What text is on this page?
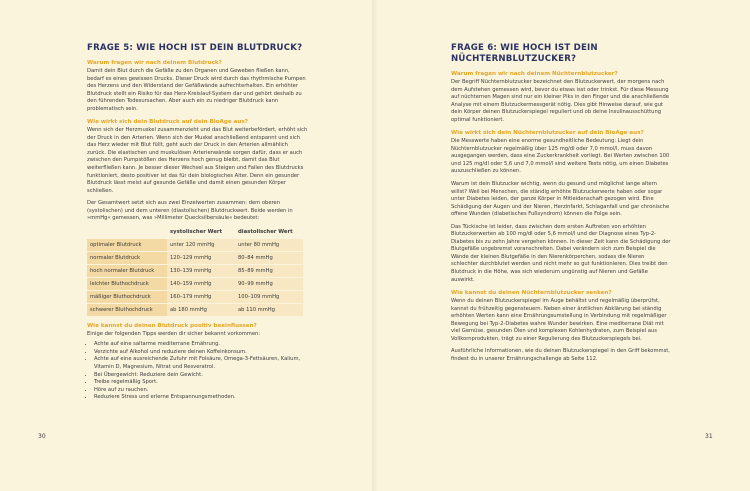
FRAGE 5: WIE HOCH IST DEIN BLUTDRUCK?
Warum fragen wir nach deinem Blutdruck?

Damit dein Blut durch die Gefäße zu den Organen und Geweben fließen kann, bedarf es eines gewissen Drucks. Dieser Druck wird durch das rhythmische Pumpen des Herzens und den Widerstand der Gefäßwände aufrechterhalten. Ein erhöhter Blutdruck stellt ein Risiko für das Herz-Kreislauf-System dar und gehört deshalb zu den führenden Todesursachen. Aber auch ein zu niedriger Blutdruck kann problematisch sein.

Wie wirkt sich dein Blutdruck auf dein BioAge aus?

Wenn sich der Herzmuskel zusammenzieht und das Blut weiterbefördert, erhöht sich der Druck in den Arterien. Wenn sich der Muskel anschließend entspannt und sich das Herz wieder mit Blut füllt, geht auch der Druck in den Arterien allmählich zurück. Die elastischen und muskulösen Arterienwände sorgen dafür, dass er auch zwischen den Pumpstößen des Herzens hoch genug bleibt, damit das Blut weiterfließen kann. Je besser dieser Wechsel aus Steigen und Fallen des Blutdrucks funktioniert, desto positiver ist das für dein biologisches Alter. Denn ein gesunder Blutdruck lässt meist auf gesunde Gefäße und damit einen gesunden Körper schließen.

Der Gesamtwert setzt sich aus zwei Einzelwerten zusammen: dem oberen (systolischen) und dem unteren (diastolischen) Blutdruckwert. Beide werden in »mmHg« gemessen, was »Millimeter Quecksilbersäule« bedeutet:

	systolischer Wert	diastolischer Wert
optimaler Blutdruck	unter 120 mmHg	unter 80 mmHg
normaler Blutdruck	120–129 mmHg	80–84 mmHg
hoch normaler Blutdruck	130–139 mmHg	85–89 mmHg
leichter Bluthochdruck	140–159 mmHg	90–99 mmHg
mäßiger Bluthochdruck	160–179 mmHg	100–109 mmHg
schwerer Bluthochdruck	ab 180 mmHg	ab 110 mmHg
Wie kannst du deinen Blutdruck positiv beeinflussen?

Einige der folgenden Tipps werden dir sicher bekannt vorkommen:

• Achte auf eine saltarme mediterrane Ernährung.
• Verzichte auf Alkohol und reduziere deinen Koffeinkonsum.
• Achte auf eine ausreichende Zufuhr mit Folsäure, Omega-3-Fettsäuren, Kalium, Vitamin D, Magnesium, Nitrat und Resveratrol.
• Bei Übergewicht: Reduziere dein Gewicht.
• Treibe regelmäßig Sport.
• Höre auf zu rauchen.
• Reduziere Stress und erlerne Entspannungsmethoden.
30
FRAGE 6: WIE HOCH IST DEIN NÜCHTERNBLUTZUCKER?
Warum fragen wir nach deinem Nüchternblutzucker?

Der Begriff Nüchternblutzucker bezeichnet den Blutzuckerwert, der morgens nach dem Aufstehen gemessen wird, bevor du etwas isst oder trinkst. Für diese Messung auf nüchternen Magen sind nur ein kleiner Piks in den Finger und die anschließende Analyse mit einem Blutzuckermessgerät nötig. Dies gibt Hinweise darauf, wie gut dein Körper deinen Blutzuckerspiegel reguliert und ob deine Insulinausschüttung optimal funktioniert.

Wie wirkt sich dein Nüchternblutzucker auf dein BioAge aus?

Die Messwerte haben eine enorme gesundheitliche Bedeutung: Liegt dein Nüchternblutzucker regelmäßig über 125 mg/dl oder 7,0 mmol/l, muss davon ausgegangen werden, dass eine Zuckerkrankheit vorliegt. Bei Werten zwischen 100 und 125 mg/dl oder 5,6 und 7,0 mmol/l sind weitere Tests nötig, um einen Diabetes auszuschließen zu können.

Warum ist dein Blutzucker wichtig, wenn du gesund und möglichst lange altern willst? Weil bei Menschen, die ständig erhöhte Blutzuckerwerte haben oder sogar unter Diabetes leiden, der ganze Körper in Mitleidenschaft gezogen wird. Eine Schädigung der Augen und der Nieren, Herzinfarkt, Schlaganfall und gar chronische offene Wunden (diabetisches Fußsyndrom) können die Folge sein.

Das Tückische ist leider, dass zwischen dem ersten Auftreten von erhöhten Blutzuckerwerten ab 100 mg/dl oder 5,6 mmol/l und der Diagnose eines Typ-2-Diabetes bis zu zehn Jahre vergehen können. In dieser Zeit kann die Schädigung der Blutgefäße ungebremst voranschreiten. Dabei verändern sich zum Beispiel die Wände der kleinen Blutgefäße in den Nierenkörperchen, sodass die Nieren schlechter durchblutet werden und nicht mehr so gut funktionieren. Dies treibt den Blutdruck in die Höhe, was sich wiederum ungünstig auf Nieren und Gefäße auswirkt.

Wie kannst du deinen Nüchternblutzucker senken?

Wenn du deinen Blutzuckerspiegel im Auge behältst und regelmäßig überprüfst, kannst du frühzeitig gegensteuern. Neben einer ärztlichen Abklärung bei ständig erhöhten Werten kann eine Ernährungsumstellung in Verbindung mit regelmäßiger Bewegung bei Typ-2-Diabetes wahre Wunder bewirken. Eine mediterrane Diät mit viel Gemüse, gesunden Ölen und komplexen Kohlenhydraten, zum Beispiel aus Vollkornprodukten, trägt zu einer Regulierung des Blutzuckerspiegels bei.

Ausführliche Informationen, wie du deinen Blutzuckerspiegel in den Griff bekommst, findest du in unserer Ernährungschallenge ab Seite 112.

31
